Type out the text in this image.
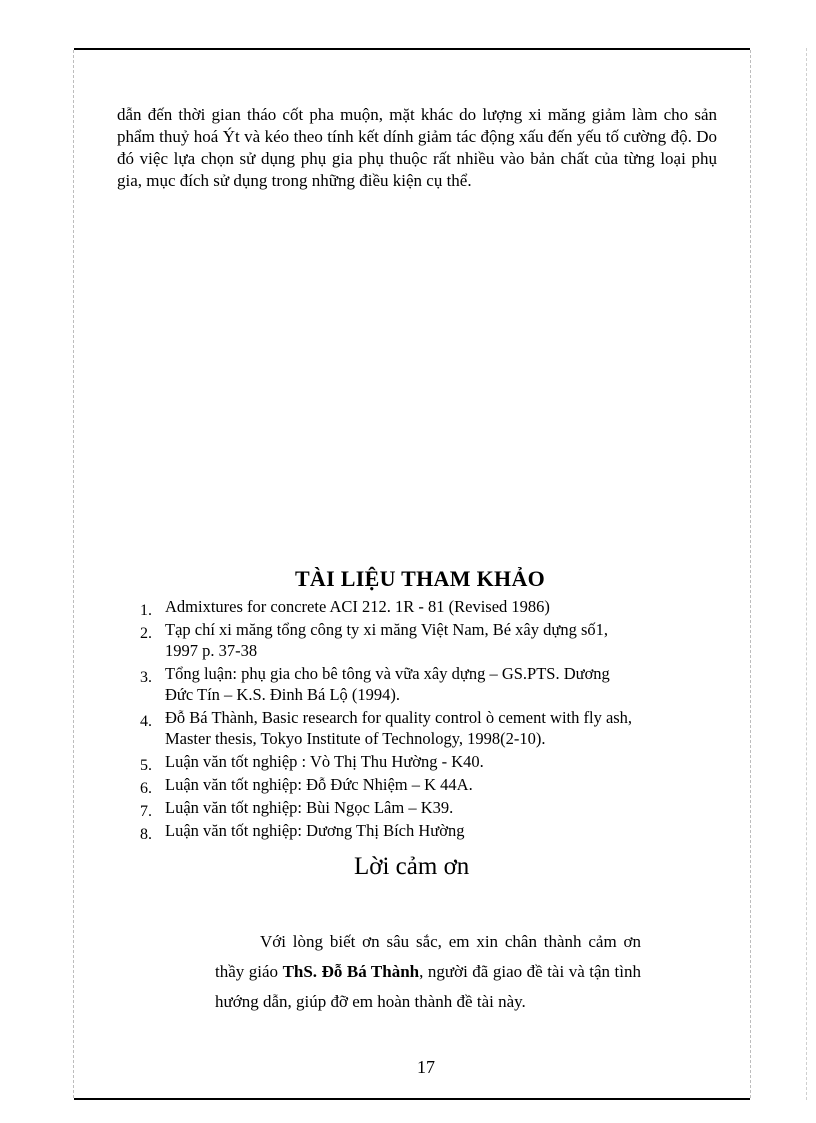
dẫn đến thời gian tháo cốt pha muộn, mặt khác do lượng xi măng giảm làm cho sản phẩm thuỷ hoá Ýt và kéo theo tính kết dính giảm tác động xấu đến yếu tố cường độ. Do đó việc lựa chọn sử dụng phụ gia phụ thuộc rất nhiều vào bản chất của từng loại phụ gia, mục đích sử dụng trong những điều kiện cụ thể.

TÀI LIỆU THAM KHẢO
1. Admixtures for concrete ACI 212. 1R - 81 (Revised 1986)
2. Tạp chí xi măng tổng công ty xi măng Việt Nam, Bé xây dựng số1,
1997 p. 37-38
3. Tổng luận: phụ gia cho bê tông và vữa xây dựng – GS.PTS. Dương
Đức Tín – K.S. Đinh Bá Lộ (1994).
4. Đỗ Bá Thành, Basic research for quality control ò cement with fly ash,
Master thesis, Tokyo Institute of Technology, 1998(2-10).
5. Luận văn tốt nghiệp : Vò Thị Thu Hường - K40.
6. Luận văn tốt nghiệp: Đỗ Đức Nhiệm – K 44A.
7. Luận văn tốt nghiệp: Bùi Ngọc Lâm – K39.
8. Luận văn tốt nghiệp: Dương Thị Bích Hường
Lời cảm ơn

Với lòng biết ơn sâu sắc, em xin chân thành cảm ơn thầy giáo ThS. Đỗ Bá Thành, người đã giao đề tài và tận tình hướng dẫn, giúp đỡ em hoàn thành đề tài này.

17
